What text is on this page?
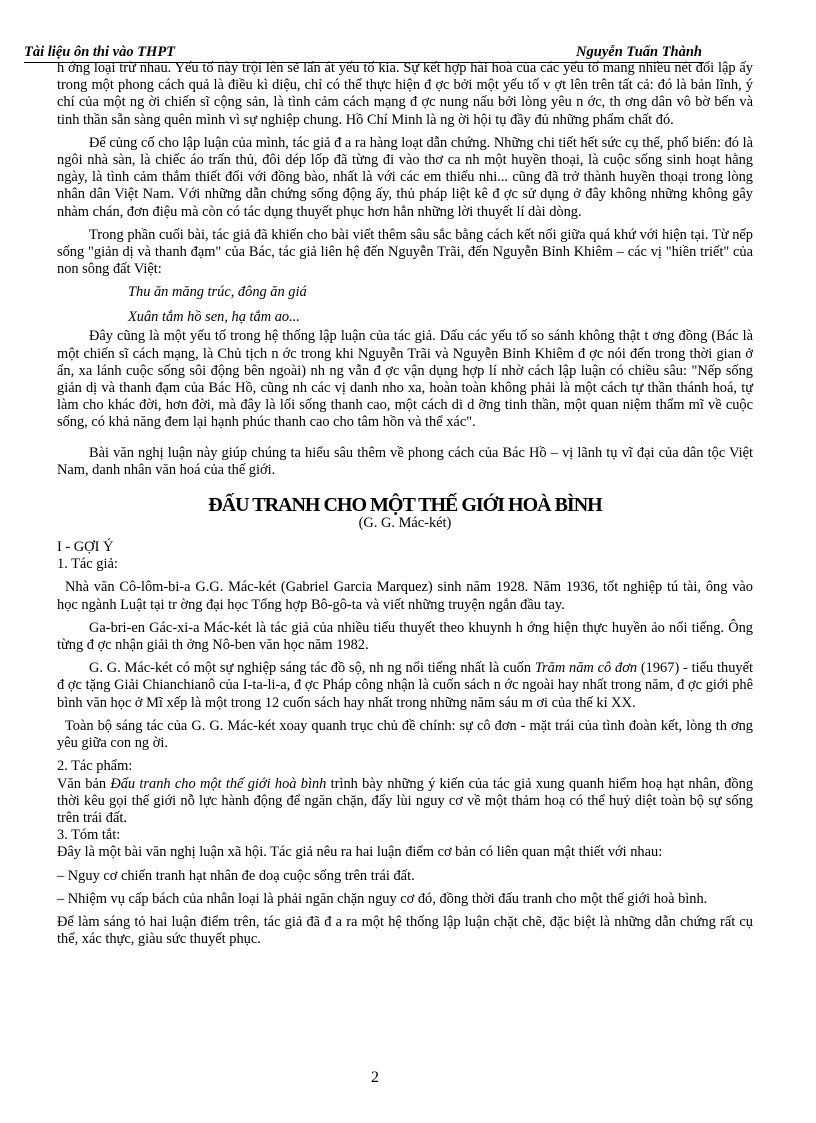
Tài liệu ôn thi vào THPT	Nguyễn Tuấn Thành

h ớng loại trừ nhau. Yếu tố này trội lên sẽ lấn át yếu tố kia. Sự kết hợp hài hoà của các yếu tố mang nhiều nét đối lập ấy trong một phong cách quả là điều kì diệu, chỉ có thể thực hiện đ ợc bởi một yếu tố v ợt lên trên tất cả: đó là bản lĩnh, ý chí của một ng ời chiến sĩ cộng sản, là tình cảm cách mạng đ ợc nung nấu bởi lòng yêu n ớc, th ơng dân vô bờ bến và tinh thần sẵn sàng quên mình vì sự nghiệp chung. Hồ Chí Minh là ng ời hội tụ đầy đủ những phẩm chất đó.

Để củng cố cho lập luận của mình, tác giả đ a ra hàng loạt dẫn chứng. Những chi tiết hết sức cụ thể, phổ biến: đó là ngôi nhà sàn, là chiếc áo trấn thủ, đôi dép lốp đã từng đi vào thơ ca nh một huyền thoại, là cuộc sống sinh hoạt hằng ngày, là tình cảm thắm thiết đối với đồng bào, nhất là với các em thiếu nhi... cũng đã trở thành huyền thoại trong lòng nhân dân Việt Nam. Với những dẫn chứng sống động ấy, thủ pháp liệt kê đ ợc sử dụng ở đây không những không gây nhàm chán, đơn điệu mà còn có tác dụng thuyết phục hơn hẳn những lời thuyết lí dài dòng.

Trong phần cuối bài, tác giả đã khiến cho bài viết thêm sâu sắc bằng cách kết nối giữa quá khứ với hiện tại. Từ nếp sống "giản dị và thanh đạm" của Bác, tác giả liên hệ đến Nguyễn Trãi, đến Nguyễn Bỉnh Khiêm – các vị "hiền triết" của non sông đất Việt:

Thu ăn măng trúc, đông ăn giá

Xuân tắm hồ sen, hạ tắm ao...

Đây cũng là một yếu tố trong hệ thống lập luận của tác giả. Dấu các yếu tố so sánh không thật t ơng đồng (Bác là một chiến sĩ cách mạng, là Chủ tịch n ớc trong khi Nguyễn Trãi và Nguyễn Bỉnh Khiêm đ ợc nói đến trong thời gian ở ẩn, xa lánh cuộc sống sôi động bên ngoài) nh ng vẫn đ ợc vận dụng hợp lí nhờ cách lập luận có chiều sâu: "Nếp sống giản dị và thanh đạm của Bác Hồ, cũng nh các vị danh nho xa, hoàn toàn không phải là một cách tự thần thánh hoá, tự làm cho khác đời, hơn đời, mà đây là lối sống thanh cao, một cách di d ỡng tinh thần, một quan niệm thẩm mĩ về cuộc sống, có khả năng đem lại hạnh phúc thanh cao cho tâm hồn và thể xác".

Bài văn nghị luận này giúp chúng ta hiểu sâu thêm về phong cách của Bác Hồ – vị lãnh tụ vĩ đại của dân tộc Việt Nam, danh nhân văn hoá của thế giới.

ĐẤU TRANH CHO MỘT THẾ GIỚI HOÀ BÌNH

(G. G. Mác-két)

I - GỢI Ý

1. Tác giả:

Nhà văn Cô-lôm-bi-a G.G. Mác-két (Gabriel Garcia Marquez) sinh năm 1928. Năm 1936, tốt nghiệp tú tài, ông vào học ngành Luật tại tr ờng đại học Tổng hợp Bô-gô-ta và viết những truyện ngắn đầu tay.

Ga-bri-en Gác-xi-a Mác-két là tác giả của nhiều tiểu thuyết theo khuynh h ớng hiện thực huyền ảo nổi tiếng. Ông từng đ ợc nhận giải th ởng Nô-ben văn học năm 1982.

G. G. Mác-két có một sự nghiệp sáng tác đồ sộ, nh ng nổi tiếng nhất là cuốn Trăm năm cô đơn (1967) - tiểu thuyết đ ợc tặng Giải Chianchianô của I-ta-li-a, đ ợc Pháp công nhận là cuốn sách n ớc ngoài hay nhất trong năm, đ ợc giới phê bình văn học ở Mĩ xếp là một trong 12 cuốn sách hay nhất trong những năm sáu m ơi của thế kỉ XX.

Toàn bộ sáng tác của G. G. Mác-két xoay quanh trục chủ đề chính: sự cô đơn - mặt trái của tình đoàn kết, lòng th ơng yêu giữa con ng ời.

2. Tác phẩm:

Văn bản Đấu tranh cho một thế giới hoà bình trình bày những ý kiến của tác giả xung quanh hiểm hoạ hạt nhân, đồng thời kêu gọi thế giới nỗ lực hành động để ngăn chặn, đẩy lùi nguy cơ về một thảm hoạ có thể huỷ diệt toàn bộ sự sống trên trái đất.

3. Tóm tắt:

Đây là một bài văn nghị luận xã hội. Tác giả nêu ra hai luận điểm cơ bản có liên quan mật thiết với nhau:

– Nguy cơ chiến tranh hạt nhân đe doạ cuộc sống trên trái đất.

– Nhiệm vụ cấp bách của nhân loại là phải ngăn chặn nguy cơ đó, đồng thời đấu tranh cho một thế giới hoà bình.

Để làm sáng tỏ hai luận điểm trên, tác giả đã đ a ra một hệ thống lập luận chặt chẽ, đặc biệt là những dẫn chứng rất cụ thể, xác thực, giàu sức thuyết phục.

2
